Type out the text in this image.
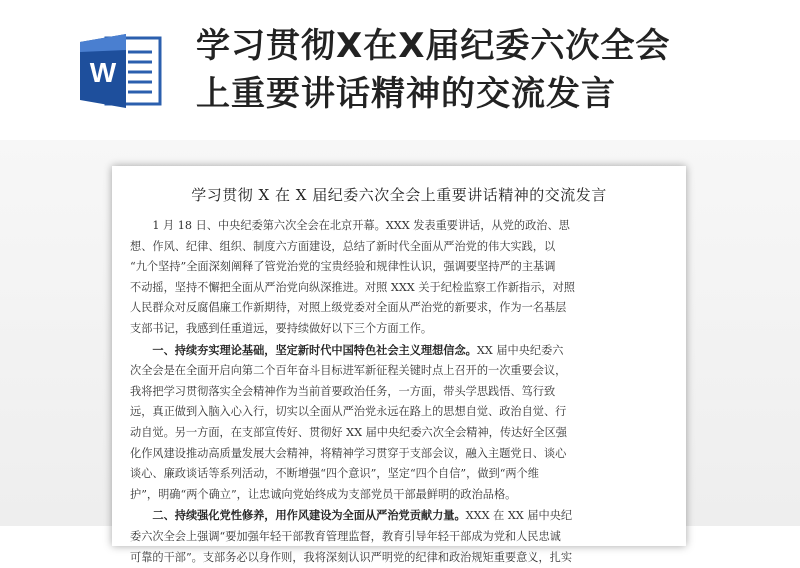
W
学习贯彻X在X届纪委六次全会
上重要讲话精神的交流发言
学习贯彻 X 在 X 届纪委六次全会上重要讲话精神的交流发言
　　1 月 18 日、中央纪委第六次全会在北京开幕。XXX 发表重要讲话，从党的政治、思
想、作风、纪律、组织、制度六方面建设，总结了新时代全面从严治党的伟大实践，以
“九个坚持”全面深刻阐释了管党治党的宝贵经验和规律性认识，强调要坚持严的主基调
不动摇，坚持不懈把全面从严治党向纵深推进。对照 XXX 关于纪检监察工作新指示，对照
人民群众对反腐倡廉工作新期待，对照上级党委对全面从严治党的新要求，作为一名基层
支部书记，我感到任重道远，要持续做好以下三个方面工作。
　　一、持续夯实理论基础，坚定新时代中国特色社会主义理想信念。XX 届中央纪委六
次全会是在全面开启向第二个百年奋斗目标进军新征程关键时点上召开的一次重要会议，
我将把学习贯彻落实全会精神作为当前首要政治任务，一方面，带头学思践悟、笃行致
远，真正做到入脑入心入行，切实以全面从严治党永远在路上的思想自觉、政治自觉、行
动自觉。另一方面，在支部宣传好、贯彻好 XX 届中央纪委六次全会精神，传达好全区强
化作风建设推动高质量发展大会精神，将精神学习贯穿于支部会议，融入主题党日、谈心
谈心、廉政谈话等系列活动，不断增强“四个意识”，坚定“四个自信”，做到“两个维
护”，明确“两个确立”，让忠诚向党始终成为支部党员干部最鲜明的政治品格。
　　二、持续强化党性修养，用作风建设为全面从严治党贡献力量。XXX 在 XX 届中央纪
委六次全会上强调“要加强年轻干部教育管理监督，教育引导年轻干部成为党和人民忠诚
可靠的干部”。支部务必以身作则，我将深刻认识严明党的纪律和政治规矩重要意义，扎实
